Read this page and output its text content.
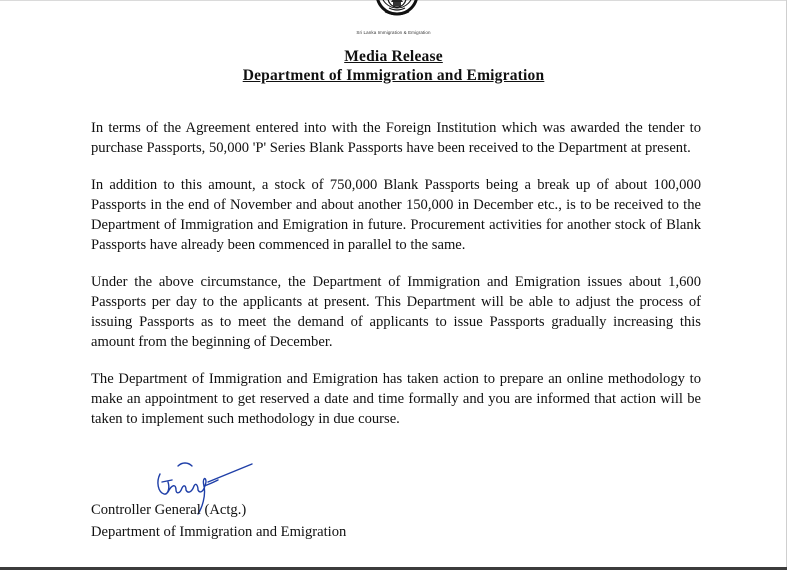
Sri Lanka Immigration & Emigration
Media Release
Department of Immigration and Emigration

In terms of the Agreement entered into with the Foreign Institution which was awarded the tender to purchase Passports, 50,000 'P' Series Blank Passports have been received to the Department at present.

In addition to this amount, a stock of 750,000 Blank Passports being a break up of about 100,000 Passports in the end of November and about another 150,000 in December etc., is to be received to the Department of Immigration and Emigration in future. Procurement activities for another stock of Blank Passports have already been commenced in parallel to the same.

Under the above circumstance, the Department of Immigration and Emigration issues about 1,600 Passports per day to the applicants at present. This Department will be able to adjust the process of issuing Passports as to meet the demand of applicants to issue Passports gradually increasing this amount from the beginning of December.

The Department of Immigration and Emigration has taken action to prepare an online methodology to make an appointment to get reserved a date and time formally and you are informed that action will be taken to implement such methodology in due course.

Controller General (Actg.)
Department of Immigration and Emigration
